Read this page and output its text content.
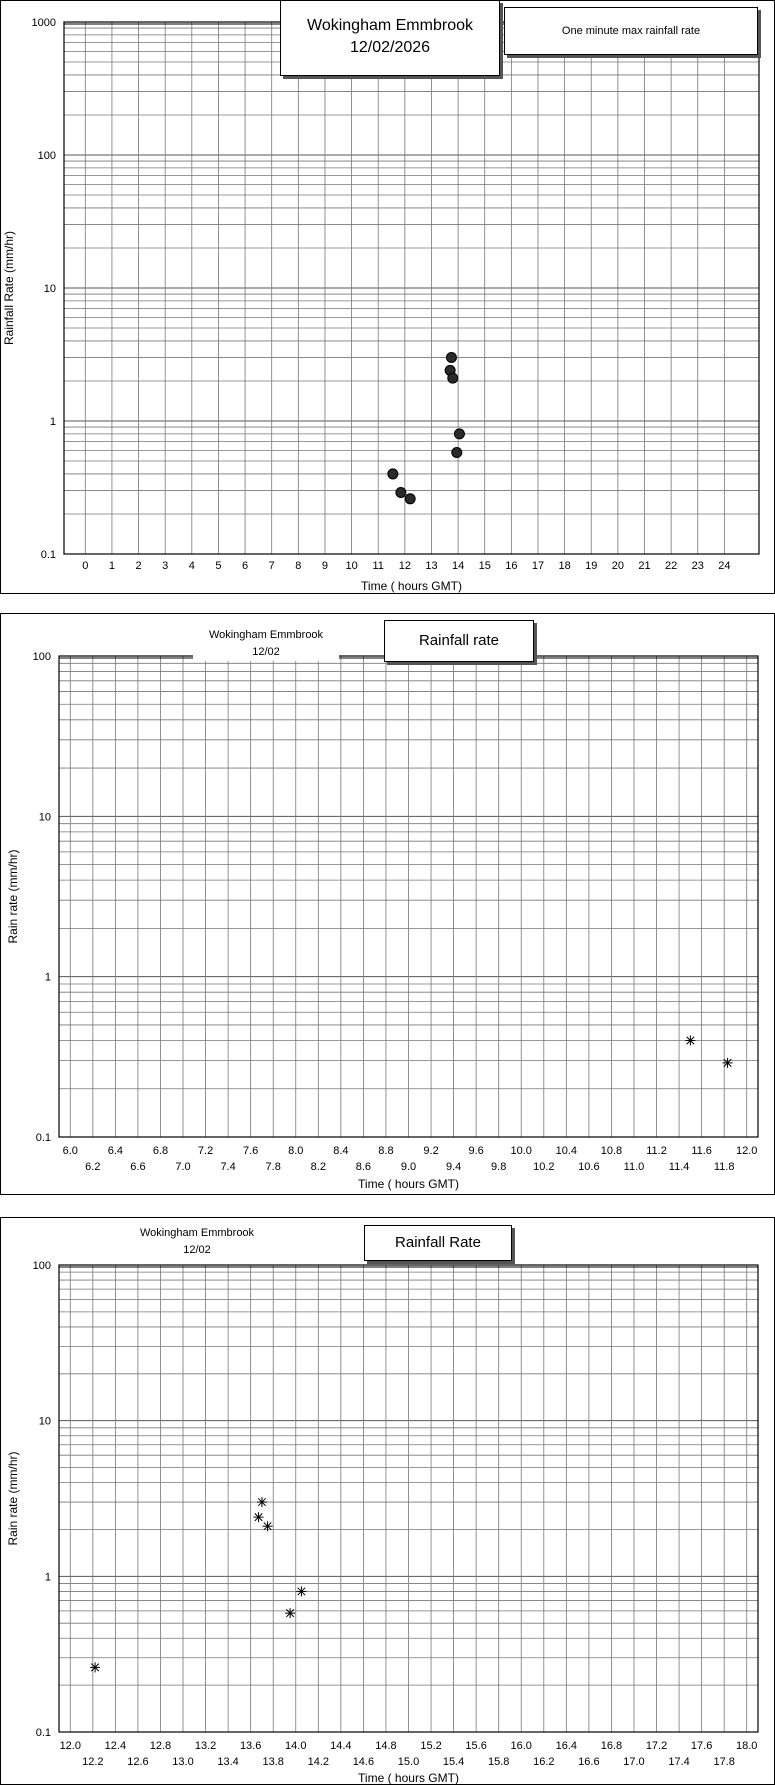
1000
100
10
1
0.1
0 1 2 3 4 5 6 7 8 9 10 11 12 13 14 15 16 17 18 19 20 21 22 23 24
Time ( hours GMT)
Rainfall Rate (mm/hr)
Wokingham Emmbrook
12/02/2026
One minute max rainfall rate
100
10
1
0.1
6.0
6.2
6.4
6.6
6.8
7.0
7.2
7.4
7.6
7.8
8.0
8.2
8.4
8.6
8.8
9.0
9.2
9.4
9.6
9.8
10.0
10.2
10.4
10.6
10.8
11.0
11.2
11.4
11.6
11.8
12.0
Time ( hours GMT)
Rain rate (mm/hr)
Wokingham Emmbrook
12/02
Rainfall rate
100
10
1
0.1
12.0
12.2
12.4
12.6
12.8
13.0
13.2
13.4
13.6
13.8
14.0
14.2
14.4
14.6
14.8
15.0
15.2
15.4
15.6
15.8
16.0
16.2
16.4
16.6
16.8
17.0
17.2
17.4
17.6
17.8
18.0
Time ( hours GMT)
Rain rate (mm/hr)
Wokingham Emmbrook
12/02	Rainfall Rate
